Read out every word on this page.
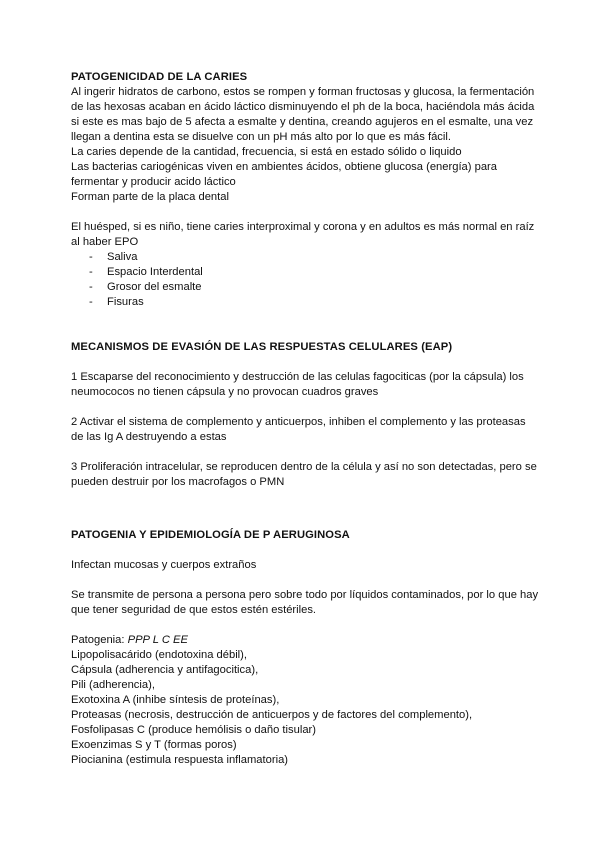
PATOGENICIDAD DE LA CARIES

Al ingerir hidratos de carbono, estos se rompen y forman fructosas y glucosa, la fermentación de las hexosas acaban en ácido láctico disminuyendo el ph de la boca, haciéndola más ácida si este es mas bajo de 5 afecta a esmalte y dentina, creando agujeros en el esmalte, una vez llegan a dentina esta se disuelve con un pH más alto por lo que es más fácil.

La caries depende de la cantidad, frecuencia, si está en estado sólido o liquido

Las bacterias cariogénicas viven en ambientes ácidos, obtiene glucosa (energía) para fermentar y producir acido láctico

Forman parte de la placa dental

El huésped, si es niño, tiene caries interproximal y corona y en adultos es más normal en raíz al haber EPO

- Saliva
- Espacio Interdental
- Grosor del esmalte
- Fisuras
MECANISMOS DE EVASIÓN DE LAS RESPUESTAS CELULARES (EAP)

1 Escaparse del reconocimiento y destrucción de las celulas fagociticas (por la cápsula) los neumococos no tienen cápsula y no provocan cuadros graves

2 Activar el sistema de complemento y anticuerpos, inhiben el complemento y las proteasas de las Ig A destruyendo a estas

3 Proliferación intracelular, se reproducen dentro de la célula y así no son detectadas, pero se pueden destruir por los macrofagos o PMN

PATOGENIA Y EPIDEMIOLOGÍA DE P AERUGINOSA

Infectan mucosas y cuerpos extraños

Se transmite de persona a persona pero sobre todo por líquidos contaminados, por lo que hay que tener seguridad de que estos estén estériles.

Patogenia: PPP L C EE

Lipopolisacárido (endotoxina débil),

Cápsula (adherencia y antifagocitica),

Pili (adherencia),

Exotoxina A (inhibe síntesis de proteínas),

Proteasas (necrosis, destrucción de anticuerpos y de factores del complemento),

Fosfolipasas C (produce hemólisis o daño tisular)

Exoenzimas S y T (formas poros)

Piocianina (estimula respuesta inflamatoria)
